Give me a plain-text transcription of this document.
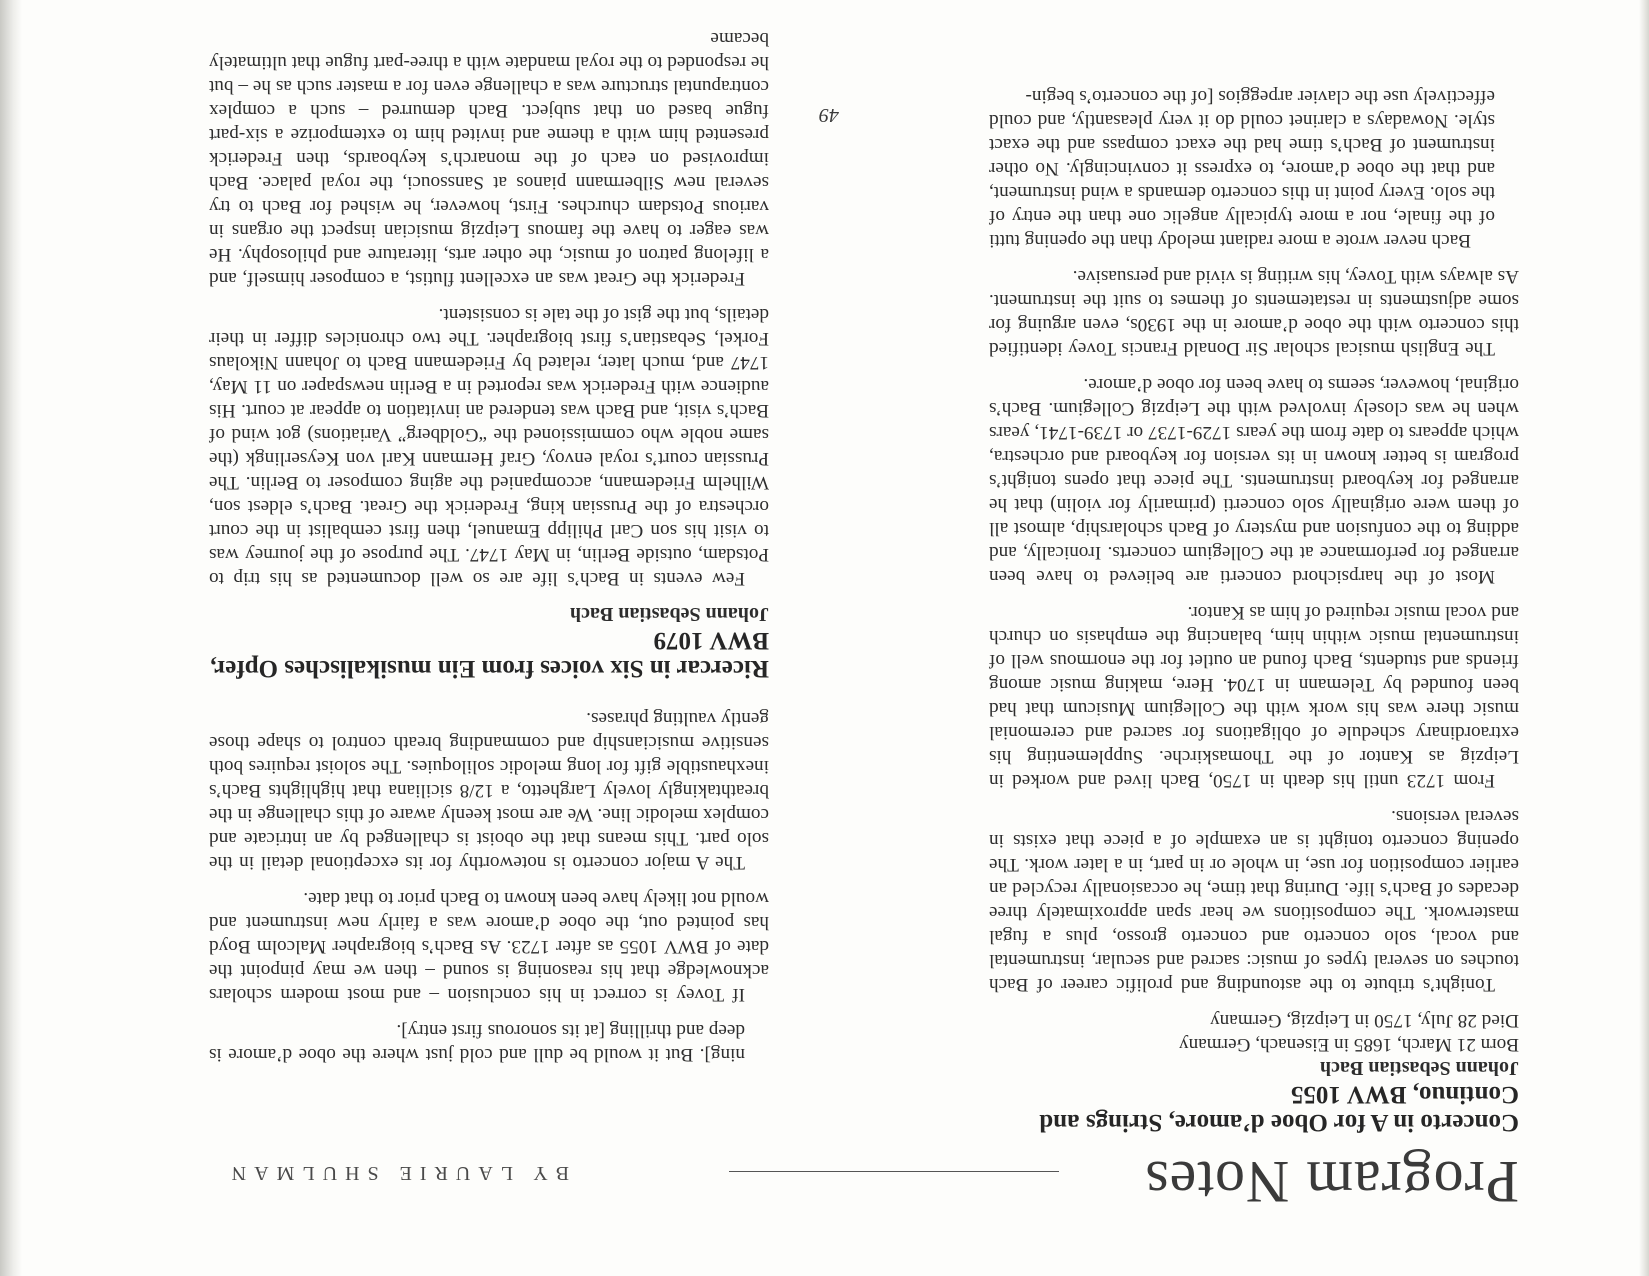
Program Notes
BY LAURIE SHULMAN
Concerto in A for Oboe d’amore, Strings and Continuo, BWV 1055

Johann Sebastian Bach

Born 21 March, 1685 in Eisenach, Germany

Died 28 July, 1750 in Leipzig, Germany

Tonight’s tribute to the astounding and prolific career of Bach touches on several types of music: sacred and secular, instrumental and vocal, solo concerto and concerto grosso, plus a fugal masterwork. The compositions we hear span approximately three decades of Bach’s life. During that time, he occasionally recycled an earlier composition for use, in whole or in part, in a later work. The opening concerto tonight is an example of a piece that exists in several versions.

From 1723 until his death in 1750, Bach lived and worked in Leipzig as Kantor of the Thomaskirche. Supplementing his extraordinary schedule of obligations for sacred and ceremonial music there was his work with the Collegium Musicum that had been founded by Telemann in 1704. Here, making music among friends and students, Bach found an outlet for the enormous well of instrumental music within him, balancing the emphasis on church and vocal music required of him as Kantor.

Most of the harpsichord concerti are believed to have been arranged for performance at the Collegium concerts. Ironically, and adding to the confusion and mystery of Bach scholarship, almost all of them were originally solo concerti (primarily for violin) that he arranged for keyboard instruments. The piece that opens tonight’s program is better known in its version for keyboard and orchestra, which appears to date from the years 1729-1737 or 1739-1741, years when he was closely involved with the Leipzig Collegium. Bach’s original, however, seems to have been for oboe d’amore.

The English musical scholar Sir Donald Francis Tovey identified this concerto with the oboe d’amore in the 1930s, even arguing for some adjustments in restatements of themes to suit the instrument. As always with Tovey, his writing is vivid and persuasive.

Bach never wrote a more radiant melody than the opening tutti of the finale, nor a more typically angelic one than the entry of the solo. Every point in this concerto demands a wind instrument, and that the oboe d’amore, to express it convincingly. No other instrument of Bach’s time had the exact compass and the exact style. Nowadays a clarinet could do it very pleasantly, and could effectively use the clavier arpeggios [of the concerto’s begin-

ning]. But it would be dull and cold just where the oboe d’amore is deep and thrilling [at its sonorous first entry].

If Tovey is correct in his conclusion – and most modern scholars acknowledge that his reasoning is sound – then we may pinpoint the date of BWV 1055 as after 1723. As Bach’s biographer Malcolm Boyd has pointed out, the oboe d’amore was a fairly new instrument and would not likely have been known to Bach prior to that date.

The A major concerto is noteworthy for its exceptional detail in the solo part. This means that the oboist is challenged by an intricate and complex melodic line. We are most keenly aware of this challenge in the breathtakingly lovely Larghetto, a 12/8 siciliana that highlights Bach’s inexhaustible gift for long melodic soliloquies. The soloist requires both sensitive musicianship and commanding breath control to shape those gently vaulting phrases.

Ricercar in Six voices from Ein musikalisches Opfer, BWV 1079

Johann Sebastian Bach

Few events in Bach’s life are so well documented as his trip to Potsdam, outside Berlin, in May 1747. The purpose of the journey was to visit his son Carl Philipp Emanuel, then first cembalist in the court orchestra of the Prussian king, Frederick the Great. Bach’s eldest son, Wilhelm Friedemann, accompanied the aging composer to Berlin. The Prussian court’s royal envoy, Graf Hermann Karl von Keyserlingk (the same noble who commissioned the “Goldberg” Variations) got wind of Bach’s visit, and Bach was tendered an invitation to appear at court. His audience with Frederick was reported in a Berlin newspaper on 11 May, 1747 and, much later, related by Friedemann Bach to Johann Nikolaus Forkel, Sebastian’s first biographer. The two chronicles differ in their details, but the gist of the tale is consistent.

Frederick the Great was an excellent flutist, a composer himself, and a lifelong patron of music, the other arts, literature and philosophy. He was eager to have the famous Leipzig musician inspect the organs in various Potsdam churches. First, however, he wished for Bach to try several new Silbermann pianos at Sanssouci, the royal palace. Bach improvised on each of the monarch’s keyboards, then Frederick presented him with a theme and invited him to extemporize a six-part fugue based on that subject. Bach demurred – such a complex contrapuntal structure was a challenge even for a master such as he – but he responded to the royal mandate with a three-part fugue that ultimately became

49
